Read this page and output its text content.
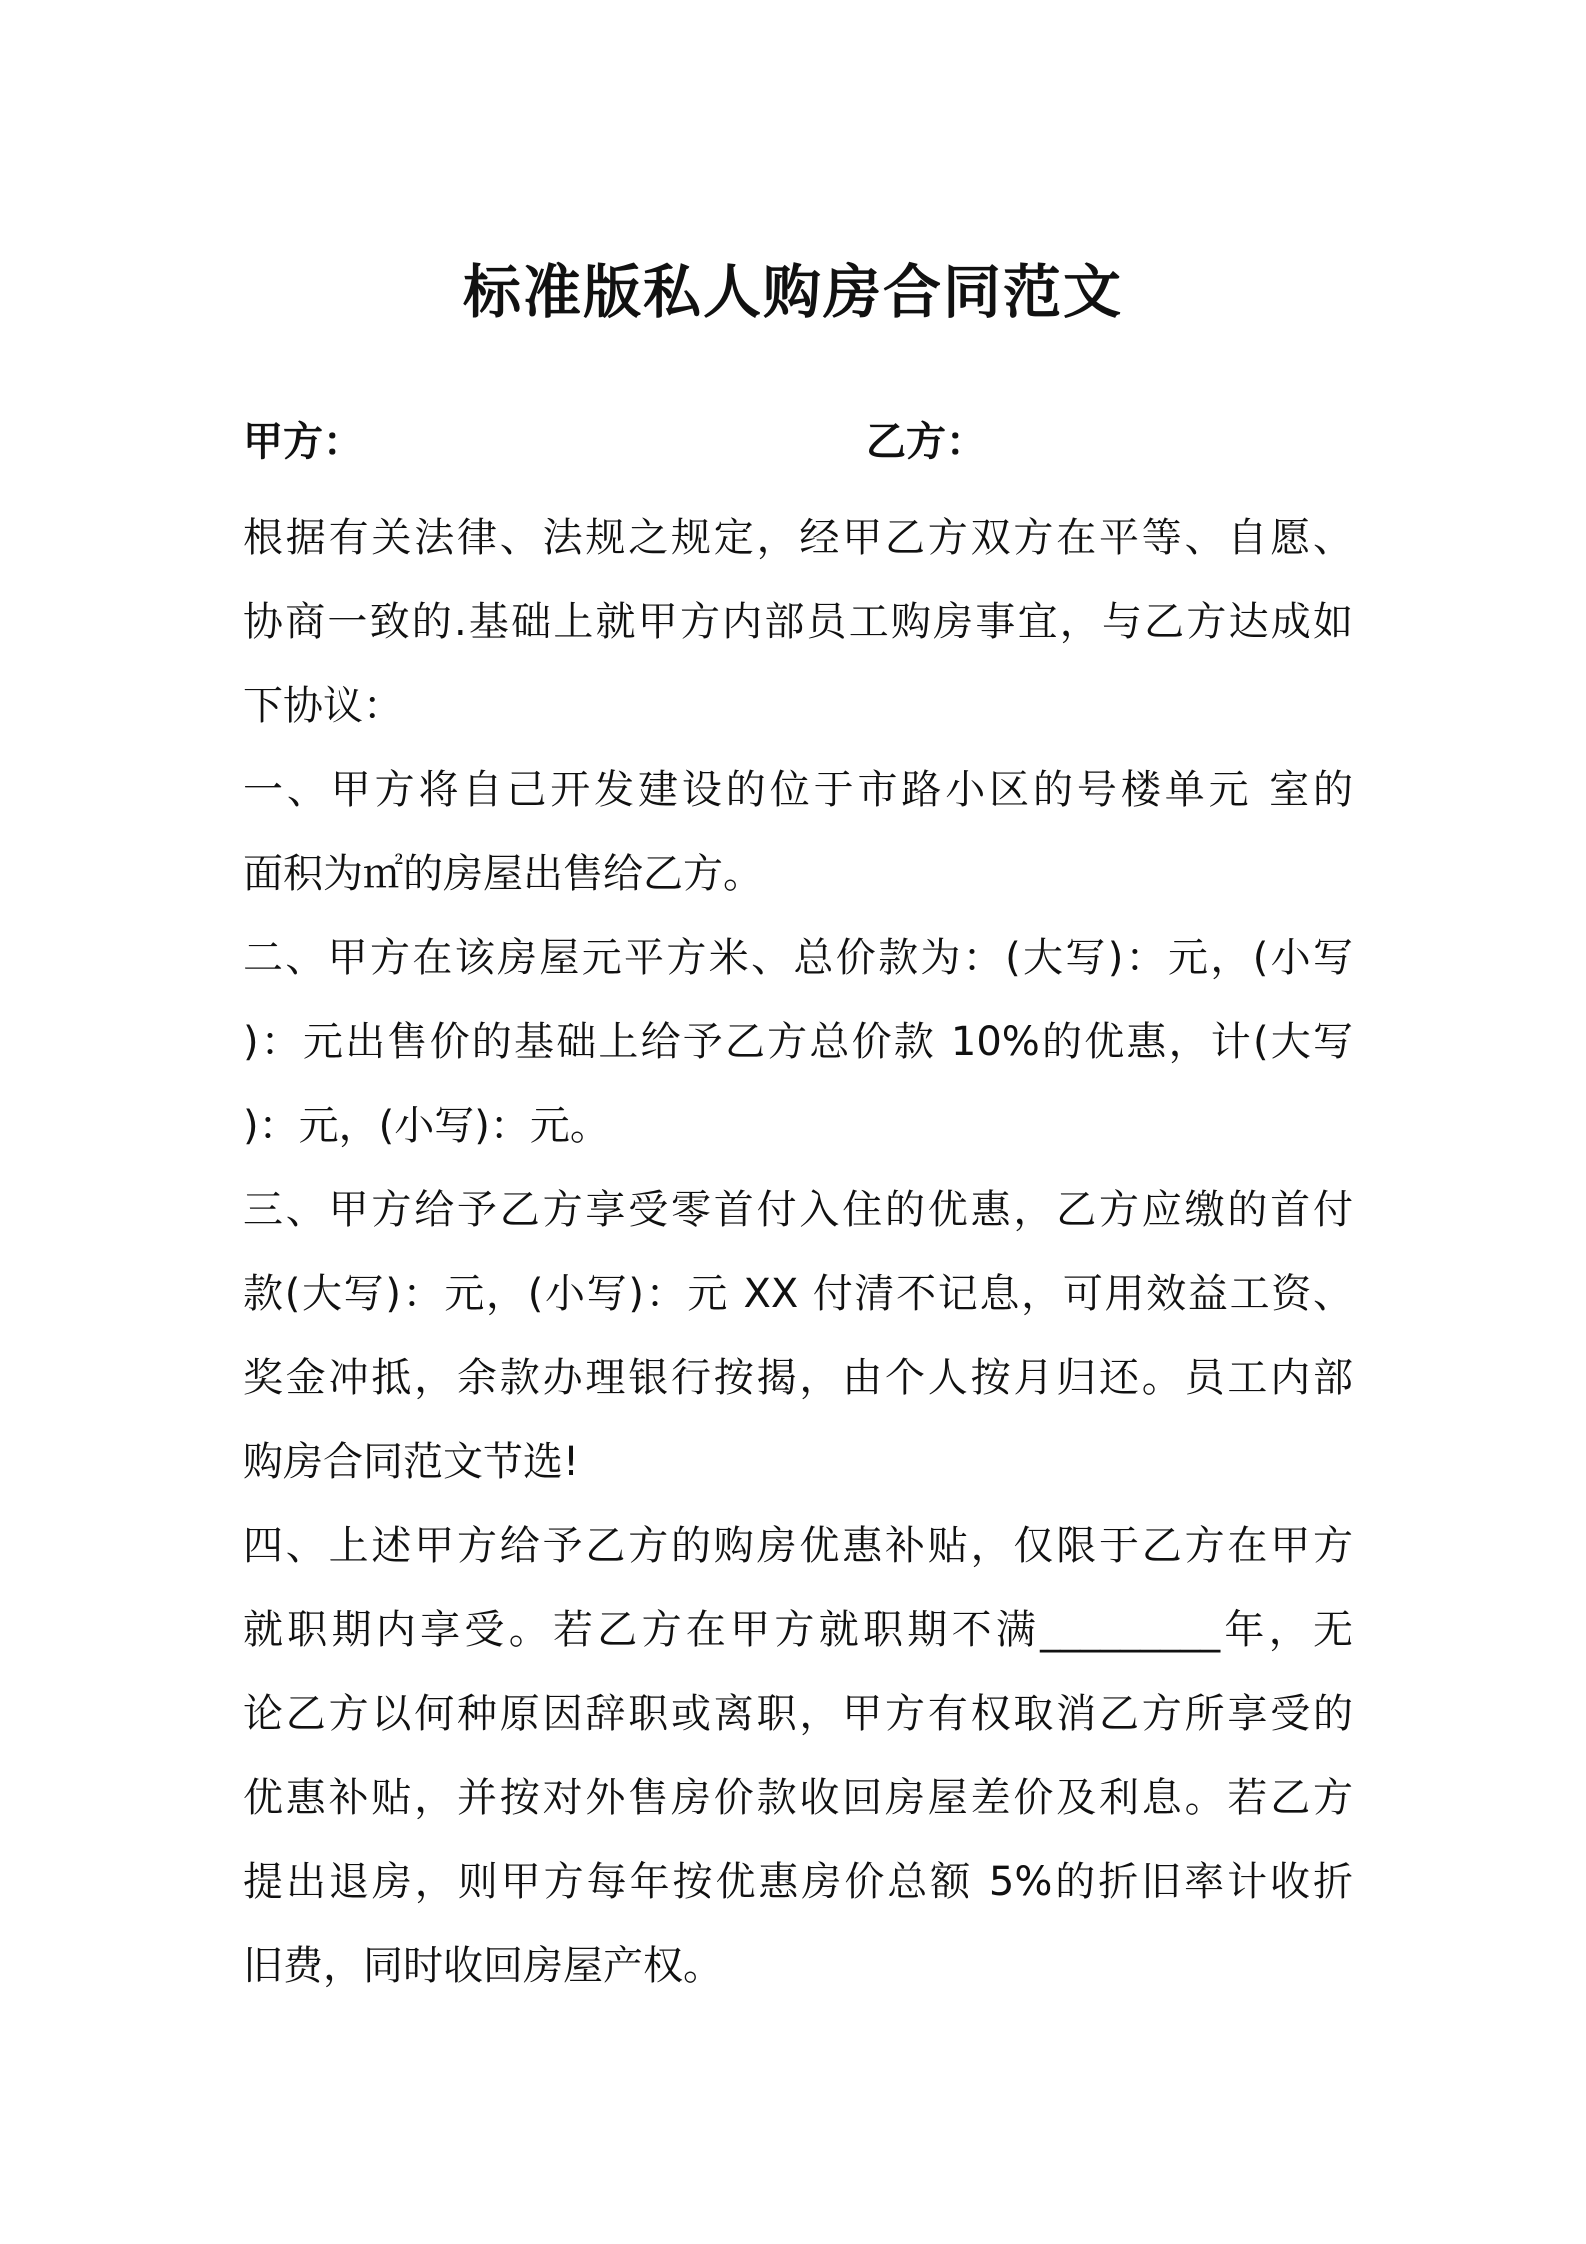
标准版私人购房合同范文
甲方：	乙方：
根据有关法律、法规之规定，经甲乙方双方在平等、自愿、
协商一致的.基础上就甲方内部员工购房事宜，与乙方达成如
下协议：
一、甲方将自己开发建设的位于市路小区的号楼单元 室的
面积为㎡的房屋出售给乙方。
二、甲方在该房屋元平方米、总价款为：(大写)：元，(小写
)：元出售价的基础上给予乙方总价款 10%的优惠，计(大写
)：元，(小写)：元。
三、甲方给予乙方享受零首付入住的优惠，乙方应缴的首付
款(大写)：元，(小写)：元 XX 付清不记息，可用效益工资、
奖金冲抵，余款办理银行按揭，由个人按月归还。员工内部
购房合同范文节选!
四、上述甲方给予乙方的购房优惠补贴，仅限于乙方在甲方
就职期内享受。若乙方在甲方就职期不满_________年，无
论乙方以何种原因辞职或离职，甲方有权取消乙方所享受的
优惠补贴，并按对外售房价款收回房屋差价及利息。若乙方
提出退房，则甲方每年按优惠房价总额 5%的折旧率计收折
旧费，同时收回房屋产权。
